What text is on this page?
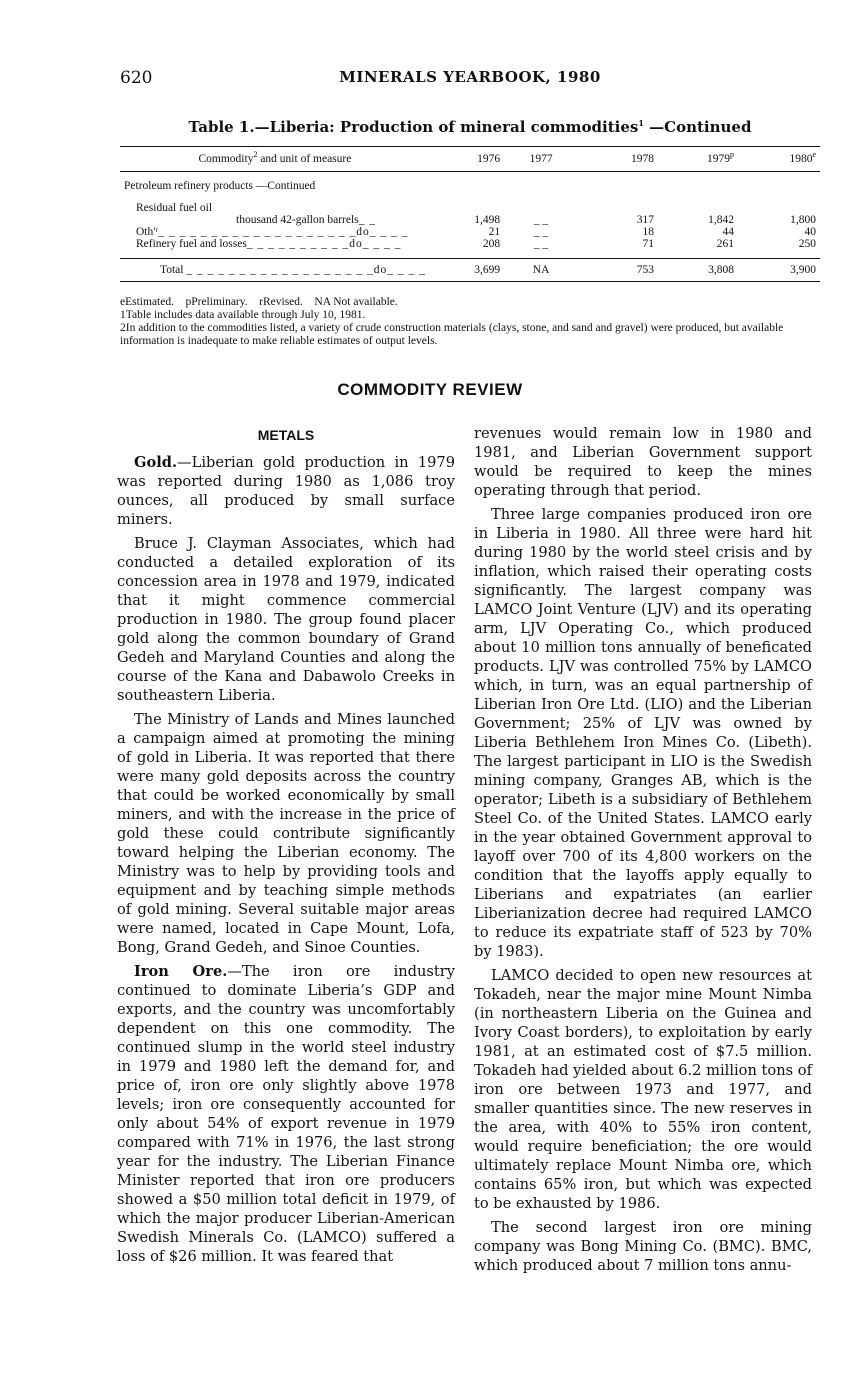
620	MINERALS YEARBOOK, 1980
Table 1.—Liberia: Production of mineral commodities$^1$ —Continued
Commodity$^2$ and unit of measure	1976	1977	1978	1979$^p$	1980e

Petroleum refinery products —Continued					

Residual fuel oil					
thousand 42-gallon barrels_ _	1,498	_ _	317	1,842	1,800
Oth′ʳ_ _ _ _ _ _ _ _ _ _ _ _ _ _ _ _ _ _ _do_ _ _ _	21	_ _	18	44	40
Refinery fuel and losses_ _ _ _ _ _ _ _ _ _do_ _ _ _	208	_ _	71	261	250

Total _ _ _ _ _ _ _ _ _ _ _ _ _ _ _ _ _ _do_ _ _ _	3,699	NA	753	3,808	3,900

eEstimated. pPreliminary. rRevised. NA Not available.

1Table includes data available through July 10, 1981.

2In addition to the commodities listed, a variety of crude construction materials (clays, stone, and sand and gravel) were produced, but available information is inadequate to make reliable estimates of output levels.

COMMODITY REVIEW
METALS

Gold.—Liberian gold production in 1979 was reported during 1980 as 1,086 troy ounces, all produced by small surface miners.

Bruce J. Clayman Associates, which had conducted a detailed exploration of its concession area in 1978 and 1979, indicated that it might commence commercial production in 1980. The group found placer gold along the common boundary of Grand Gedeh and Maryland Counties and along the course of the Kana and Dabawolo Creeks in southeastern Liberia.

The Ministry of Lands and Mines launched a campaign aimed at promoting the mining of gold in Liberia. It was reported that there were many gold deposits across the country that could be worked economically by small miners, and with the increase in the price of gold these could contribute significantly toward helping the Liberian economy. The Ministry was to help by providing tools and equipment and by teaching simple methods of gold mining. Several suitable major areas were named, located in Cape Mount, Lofa, Bong, Grand Gedeh, and Sinoe Counties.

Iron Ore.—The iron ore industry continued to dominate Liberia’s GDP and exports, and the country was uncomfortably dependent on this one commodity. The continued slump in the world steel industry in 1979 and 1980 left the demand for, and price of, iron ore only slightly above 1978 levels; iron ore consequently accounted for only about 54% of export revenue in 1979 compared with 71% in 1976, the last strong year for the industry. The Liberian Finance Minister reported that iron ore producers showed a $50 million total deficit in 1979, of which the major producer Liberian-American Swedish Minerals Co. (LAMCO) suffered a loss of $26 million. It was feared that

revenues would remain low in 1980 and 1981, and Liberian Government support would be required to keep the mines operating through that period.

Three large companies produced iron ore in Liberia in 1980. All three were hard hit during 1980 by the world steel crisis and by inflation, which raised their operating costs significantly. The largest company was LAMCO Joint Venture (LJV) and its operating arm, LJV Operating Co., which produced about 10 million tons annually of beneficated products. LJV was controlled 75% by LAMCO which, in turn, was an equal partnership of Liberian Iron Ore Ltd. (LIO) and the Liberian Government; 25% of LJV was owned by Liberia Bethlehem Iron Mines Co. (Libeth). The largest participant in LIO is the Swedish mining company, Granges AB, which is the operator; Libeth is a subsidiary of Bethlehem Steel Co. of the United States. LAMCO early in the year obtained Government approval to layoff over 700 of its 4,800 workers on the condition that the layoffs apply equally to Liberians and expatriates (an earlier Liberianization decree had required LAMCO to reduce its expatriate staff of 523 by 70% by 1983).

LAMCO decided to open new resources at Tokadeh, near the major mine Mount Nimba (in northeastern Liberia on the Guinea and Ivory Coast borders), to exploitation by early 1981, at an estimated cost of $7.5 million. Tokadeh had yielded about 6.2 million tons of iron ore between 1973 and 1977, and smaller quantities since. The new reserves in the area, with 40% to 55% iron content, would require beneficiation; the ore would ultimately replace Mount Nimba ore, which contains 65% iron, but which was expected to be exhausted by 1986.

The second largest iron ore mining company was Bong Mining Co. (BMC). BMC, which produced about 7 million tons annu-
